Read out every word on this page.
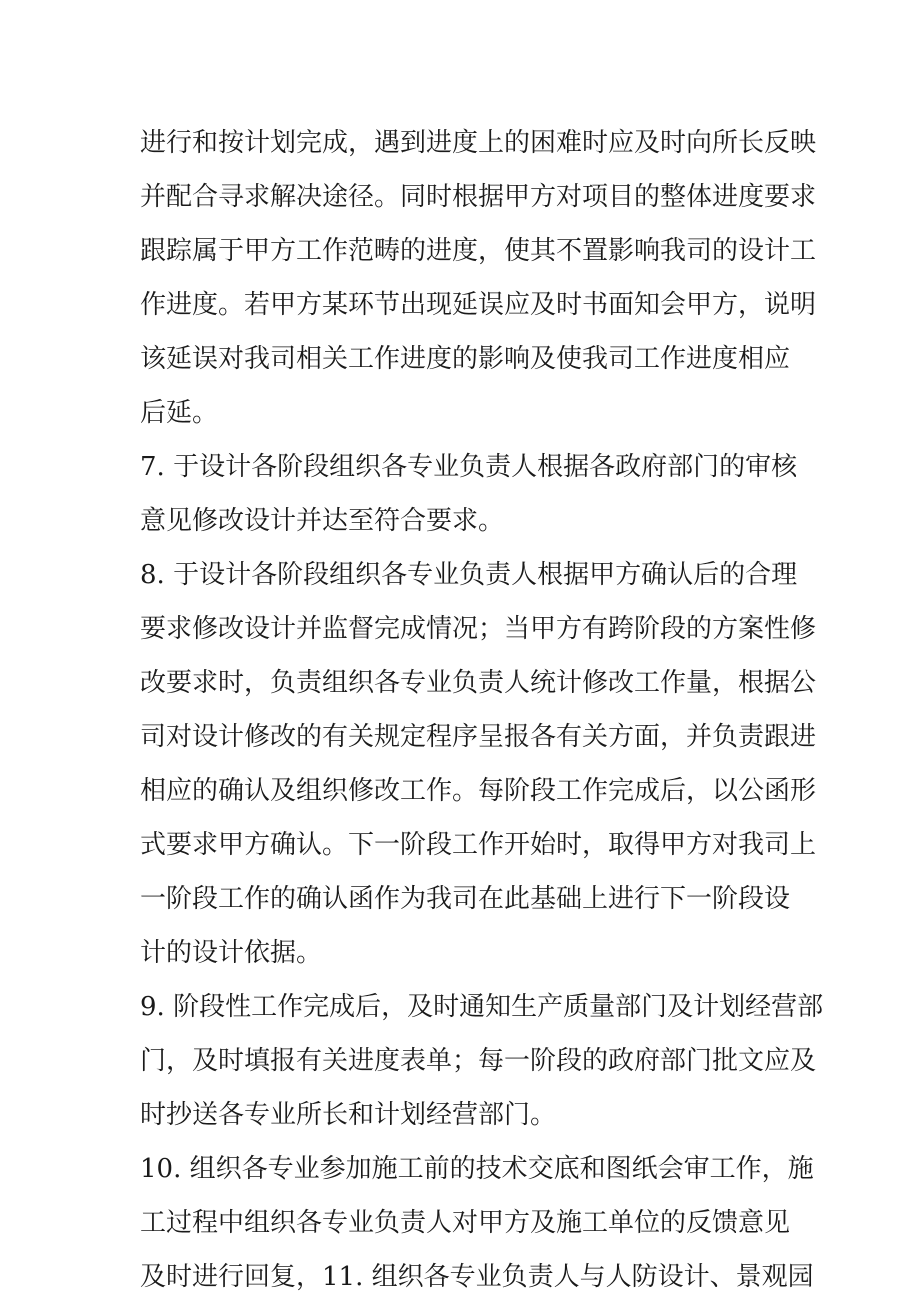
进行和按计划完成，遇到进度上的困难时应及时向所长反映
并配合寻求解决途径。同时根据甲方对项目的整体进度要求
跟踪属于甲方工作范畴的进度，使其不置影响我司的设计工
作进度。若甲方某环节出现延误应及时书面知会甲方，说明
该延误对我司相关工作进度的影响及使我司工作进度相应
后延。
7. 于设计各阶段组织各专业负责人根据各政府部门的审核
意见修改设计并达至符合要求。
8. 于设计各阶段组织各专业负责人根据甲方确认后的合理
要求修改设计并监督完成情况；当甲方有跨阶段的方案性修
改要求时，负责组织各专业负责人统计修改工作量，根据公
司对设计修改的有关规定程序呈报各有关方面，并负责跟进
相应的确认及组织修改工作。每阶段工作完成后，以公函形
式要求甲方确认。下一阶段工作开始时，取得甲方对我司上
一阶段工作的确认函作为我司在此基础上进行下一阶段设
计的设计依据。
9. 阶段性工作完成后，及时通知生产质量部门及计划经营部
门，及时填报有关进度表单；每一阶段的政府部门批文应及
时抄送各专业所长和计划经营部门。
10. 组织各专业参加施工前的技术交底和图纸会审工作，施
工过程中组织各专业负责人对甲方及施工单位的反馈意见
及时进行回复，11. 组织各专业负责人与人防设计、景观园
